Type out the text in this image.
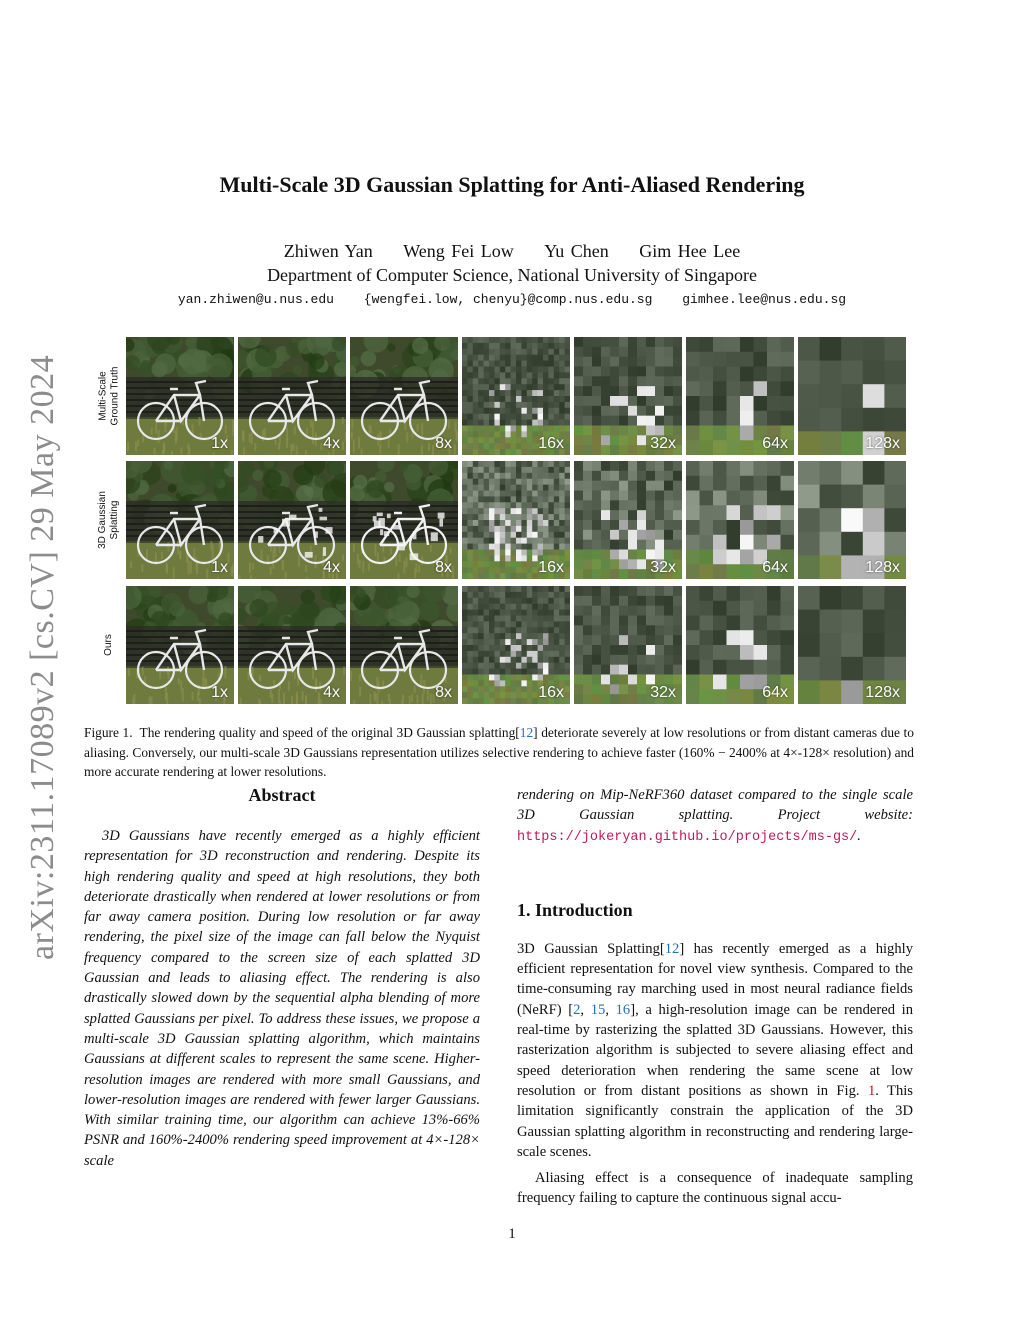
arXiv:2311.17089v2 [cs.CV] 29 May 2024
Multi-Scale 3D Gaussian Splatting for Anti-Aliased Rendering
Zhiwen Yan Weng Fei Low Yu Chen Gim Hee Lee
Department of Computer Science, National University of Singapore
yan.zhiwen@u.nus.edu {wengfei.low, chenyu}@comp.nus.edu.sg gimhee.lee@nus.edu.sg
Multi-Scale
Ground Truth
3D Gaussian
Splatting
Ours
1x
1x
1x
4x
4x
4x
8x
8x
8x
16x
16x
16x
32x
32x
32x
64x
64x
64x
128x
128x
128x
Figure 1. The rendering quality and speed of the original 3D Gaussian splatting[12] deteriorate severely at low resolutions or from distant cameras due to aliasing. Conversely, our multi-scale 3D Gaussians representation utilizes selective rendering to achieve faster (160% − 2400% at 4×-128× resolution) and more accurate rendering at lower resolutions.
Abstract

3D Gaussians have recently emerged as a highly efficient representation for 3D reconstruction and rendering. Despite its high rendering quality and speed at high resolutions, they both deteriorate drastically when rendered at lower resolutions or from far away camera position. During low resolution or far away rendering, the pixel size of the image can fall below the Nyquist frequency compared to the screen size of each splatted 3D Gaussian and leads to aliasing effect. The rendering is also drastically slowed down by the sequential alpha blending of more splatted Gaussians per pixel. To address these issues, we propose a multi-scale 3D Gaussian splatting algorithm, which maintains Gaussians at different scales to represent the same scene. Higher-resolution images are rendered with more small Gaussians, and lower-resolution images are rendered with fewer larger Gaussians. With similar training time, our algorithm can achieve 13%-66% PSNR and 160%-2400% rendering speed improvement at 4×-128× scale

rendering on Mip-NeRF360 dataset compared to the single scale 3D Gaussian splatting. Project website: https://jokeryan.github.io/projects/ms-gs/.

1. Introduction

3D Gaussian Splatting[12] has recently emerged as a highly efficient representation for novel view synthesis. Compared to the time-consuming ray marching used in most neural radiance fields (NeRF) [2, 15, 16], a high-resolution image can be rendered in real-time by rasterizing the splatted 3D Gaussians. However, this rasterization algorithm is subjected to severe aliasing effect and speed deterioration when rendering the same scene at low resolution or from distant positions as shown in Fig. 1. This limitation significantly constrain the application of the 3D Gaussian splatting algorithm in reconstructing and rendering large-scale scenes.

Aliasing effect is a consequence of inadequate sampling frequency failing to capture the continuous signal accu-

1
